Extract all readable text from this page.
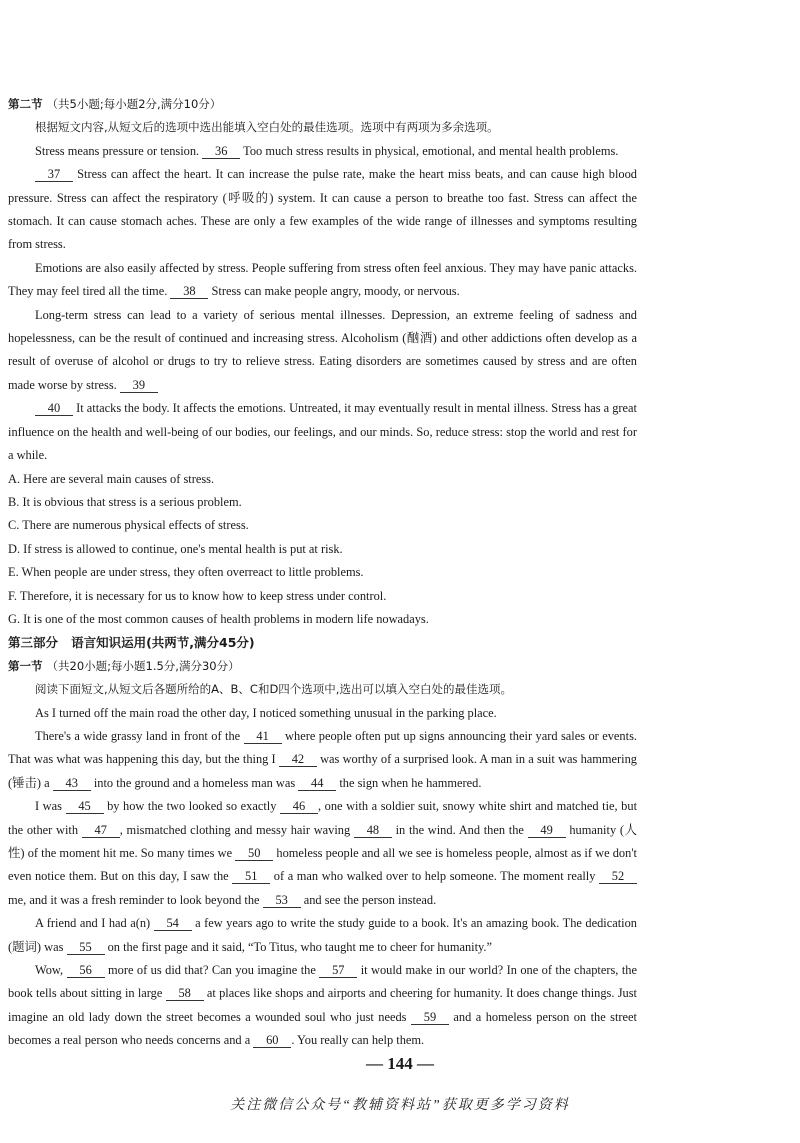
第二节 （共5小题;每小题2分,满分10分）
根据短文内容,从短文后的选项中选出能填入空白处的最佳选项。选项中有两项为多余选项。
Stress means pressure or tension. 36 Too much stress results in physical, emotional, and mental health problems.
37 Stress can affect the heart. It can increase the pulse rate, make the heart miss beats, and can cause high blood pressure. Stress can affect the respiratory (呼吸的) system. It can cause a person to breathe too fast. Stress can affect the stomach. It can cause stomach aches. These are only a few examples of the wide range of illnesses and symptoms resulting from stress.
Emotions are also easily affected by stress. People suffering from stress often feel anxious. They may have panic attacks. They may feel tired all the time. 38 Stress can make people angry, moody, or nervous.
Long-term stress can lead to a variety of serious mental illnesses. Depression, an extreme feeling of sadness and hopelessness, can be the result of continued and increasing stress. Alcoholism (酗酒) and other addictions often develop as a result of overuse of alcohol or drugs to try to relieve stress. Eating disorders are sometimes caused by stress and are often made worse by stress. 39
40 It attacks the body. It affects the emotions. Untreated, it may eventually result in mental illness. Stress has a great influence on the health and well-being of our bodies, our feelings, and our minds. So, reduce stress: stop the world and rest for a while.
A. Here are several main causes of stress.
B. It is obvious that stress is a serious problem.
C. There are numerous physical effects of stress.
D. If stress is allowed to continue, one's mental health is put at risk.
E. When people are under stress, they often overreact to little problems.
F. Therefore, it is necessary for us to know how to keep stress under control.
G. It is one of the most common causes of health problems in modern life nowadays.
第三部分 语言知识运用(共两节,满分45分)
第一节 （共20小题;每小题1.5分,满分30分）
阅读下面短文,从短文后各题所给的A、B、C和D四个选项中,选出可以填入空白处的最佳选项。
As I turned off the main road the other day, I noticed something unusual in the parking place.
There's a wide grassy land in front of the 41 where people often put up signs announcing their yard sales or events. That was what was happening this day, but the thing I 42 was worthy of a surprised look. A man in a suit was hammering (锤击) a 43 into the ground and a homeless man was 44 the sign when he hammered.
I was 45 by how the two looked so exactly 46 , one with a soldier suit, snowy white shirt and matched tie, but the other with 47 , mismatched clothing and messy hair waving 48 in the wind. And then the 49 humanity (人性) of the moment hit me. So many times we 50 homeless people and all we see is homeless people, almost as if we don't even notice them. But on this day, I saw the 51 of a man who walked over to help someone. The moment really 52 me, and it was a fresh reminder to look beyond the 53 and see the person instead.
A friend and I had a(n) 54 a few years ago to write the study guide to a book. It's an amazing book. The dedication (题词) was 55 on the first page and it said, “To Titus, who taught me to cheer for humanity.”
Wow, 56 more of us did that? Can you imagine the 57 it would make in our world? In one of the chapters, the book tells about sitting in large 58 at places like shops and airports and cheering for humanity. It does change things. Just imagine an old lady down the street becomes a wounded soul who just needs 59 and a homeless person on the street becomes a real person who needs concerns and a 60 . You really can help them.
— 144 —
关注微信公众号“教辅资料站”获取更多学习资料
